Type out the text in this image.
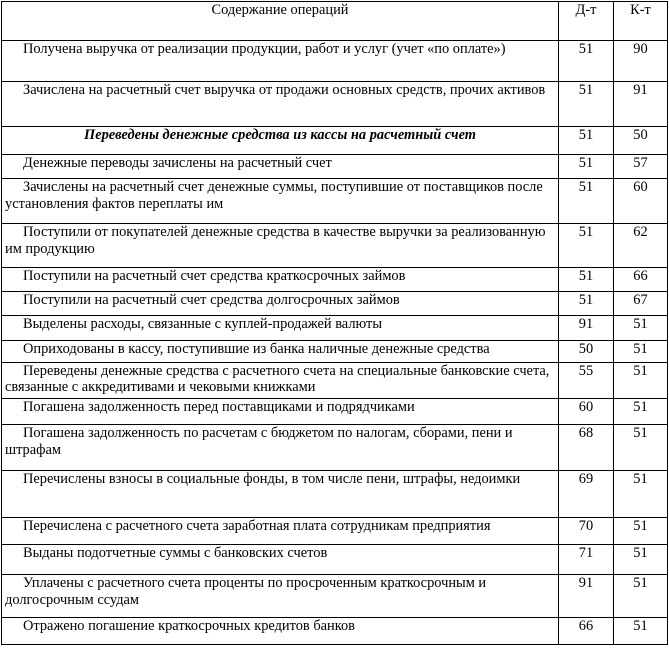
Содержание операций	Д-т	К-т
Получена выручка от реализации продукции, работ и услуг (учет «по оплате»)	51	90
Зачислена на расчетный счет выручка от продажи основных средств, прочих активов	51	91
Переведены денежные средства из кассы на расчетный счет	51	50
Денежные переводы зачислены на расчетный счет	51	57
Зачислены на расчетный счет денежные суммы, поступившие от поставщиков после установления фактов переплаты им	51	60
Поступили от покупателей денежные средства в качестве выручки за реализованную им продукцию	51	62
Поступили на расчетный счет средства краткосрочных займов	51	66
Поступили на расчетный счет средства долгосрочных займов	51	67
Выделены расходы, связанные с куплей-продажей валюты	91	51
Оприходованы в кассу, поступившие из банка наличные денежные средства	50	51
Переведены денежные средства с расчетного счета на специальные банковские счета, связанные с аккредитивами и чековыми книжками	55	51
Погашена задолженность перед поставщиками и подрядчиками	60	51
Погашена задолженность по расчетам с бюджетом по налогам, сборами, пени и штрафам	68	51
Перечислены взносы в социальные фонды, в том числе пени, штрафы, недоимки	69	51
Перечислена с расчетного счета заработная плата сотрудникам предприятия	70	51
Выданы подотчетные суммы с банковских счетов	71	51
Уплачены с расчетного счета проценты по просроченным краткосрочным и долгосрочным ссудам	91	51
Отражено погашение краткосрочных кредитов банков	66	51
